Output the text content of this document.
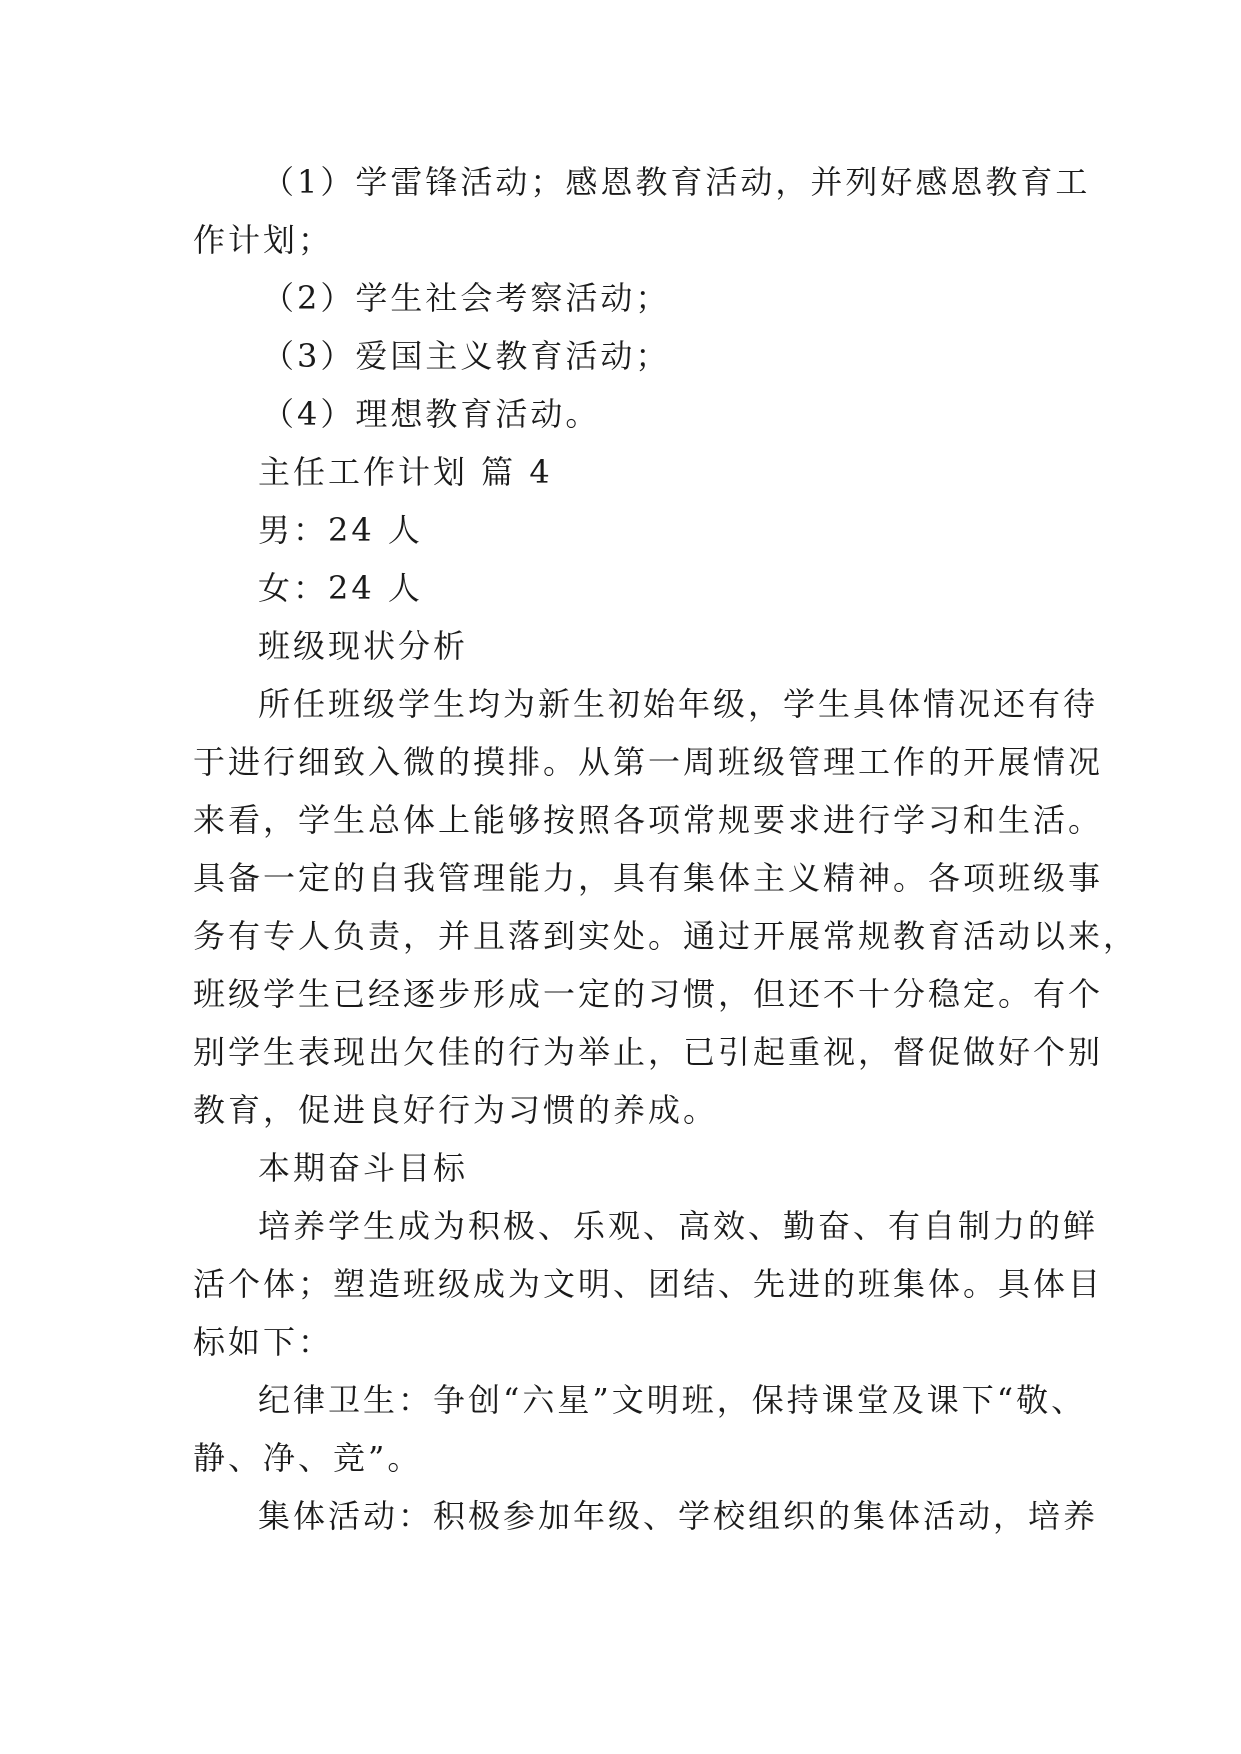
（1）学雷锋活动；感恩教育活动，并列好感恩教育工
作计划；
（2）学生社会考察活动；
（3）爱国主义教育活动；
（4）理想教育活动。
主任工作计划 篇 4
男：24 人
女：24 人
班级现状分析
所任班级学生均为新生初始年级，学生具体情况还有待
于进行细致入微的摸排。从第一周班级管理工作的开展情况
来看，学生总体上能够按照各项常规要求进行学习和生活。
具备一定的自我管理能力，具有集体主义精神。各项班级事
务有专人负责，并且落到实处。通过开展常规教育活动以来，
班级学生已经逐步形成一定的习惯，但还不十分稳定。有个
别学生表现出欠佳的行为举止，已引起重视，督促做好个别
教育，促进良好行为习惯的养成。
本期奋斗目标
培养学生成为积极、乐观、高效、勤奋、有自制力的鲜
活个体；塑造班级成为文明、团结、先进的班集体。具体目
标如下：
纪律卫生：争创“六星”文明班，保持课堂及课下“敬、
静、净、竞”。
集体活动：积极参加年级、学校组织的集体活动，培养
